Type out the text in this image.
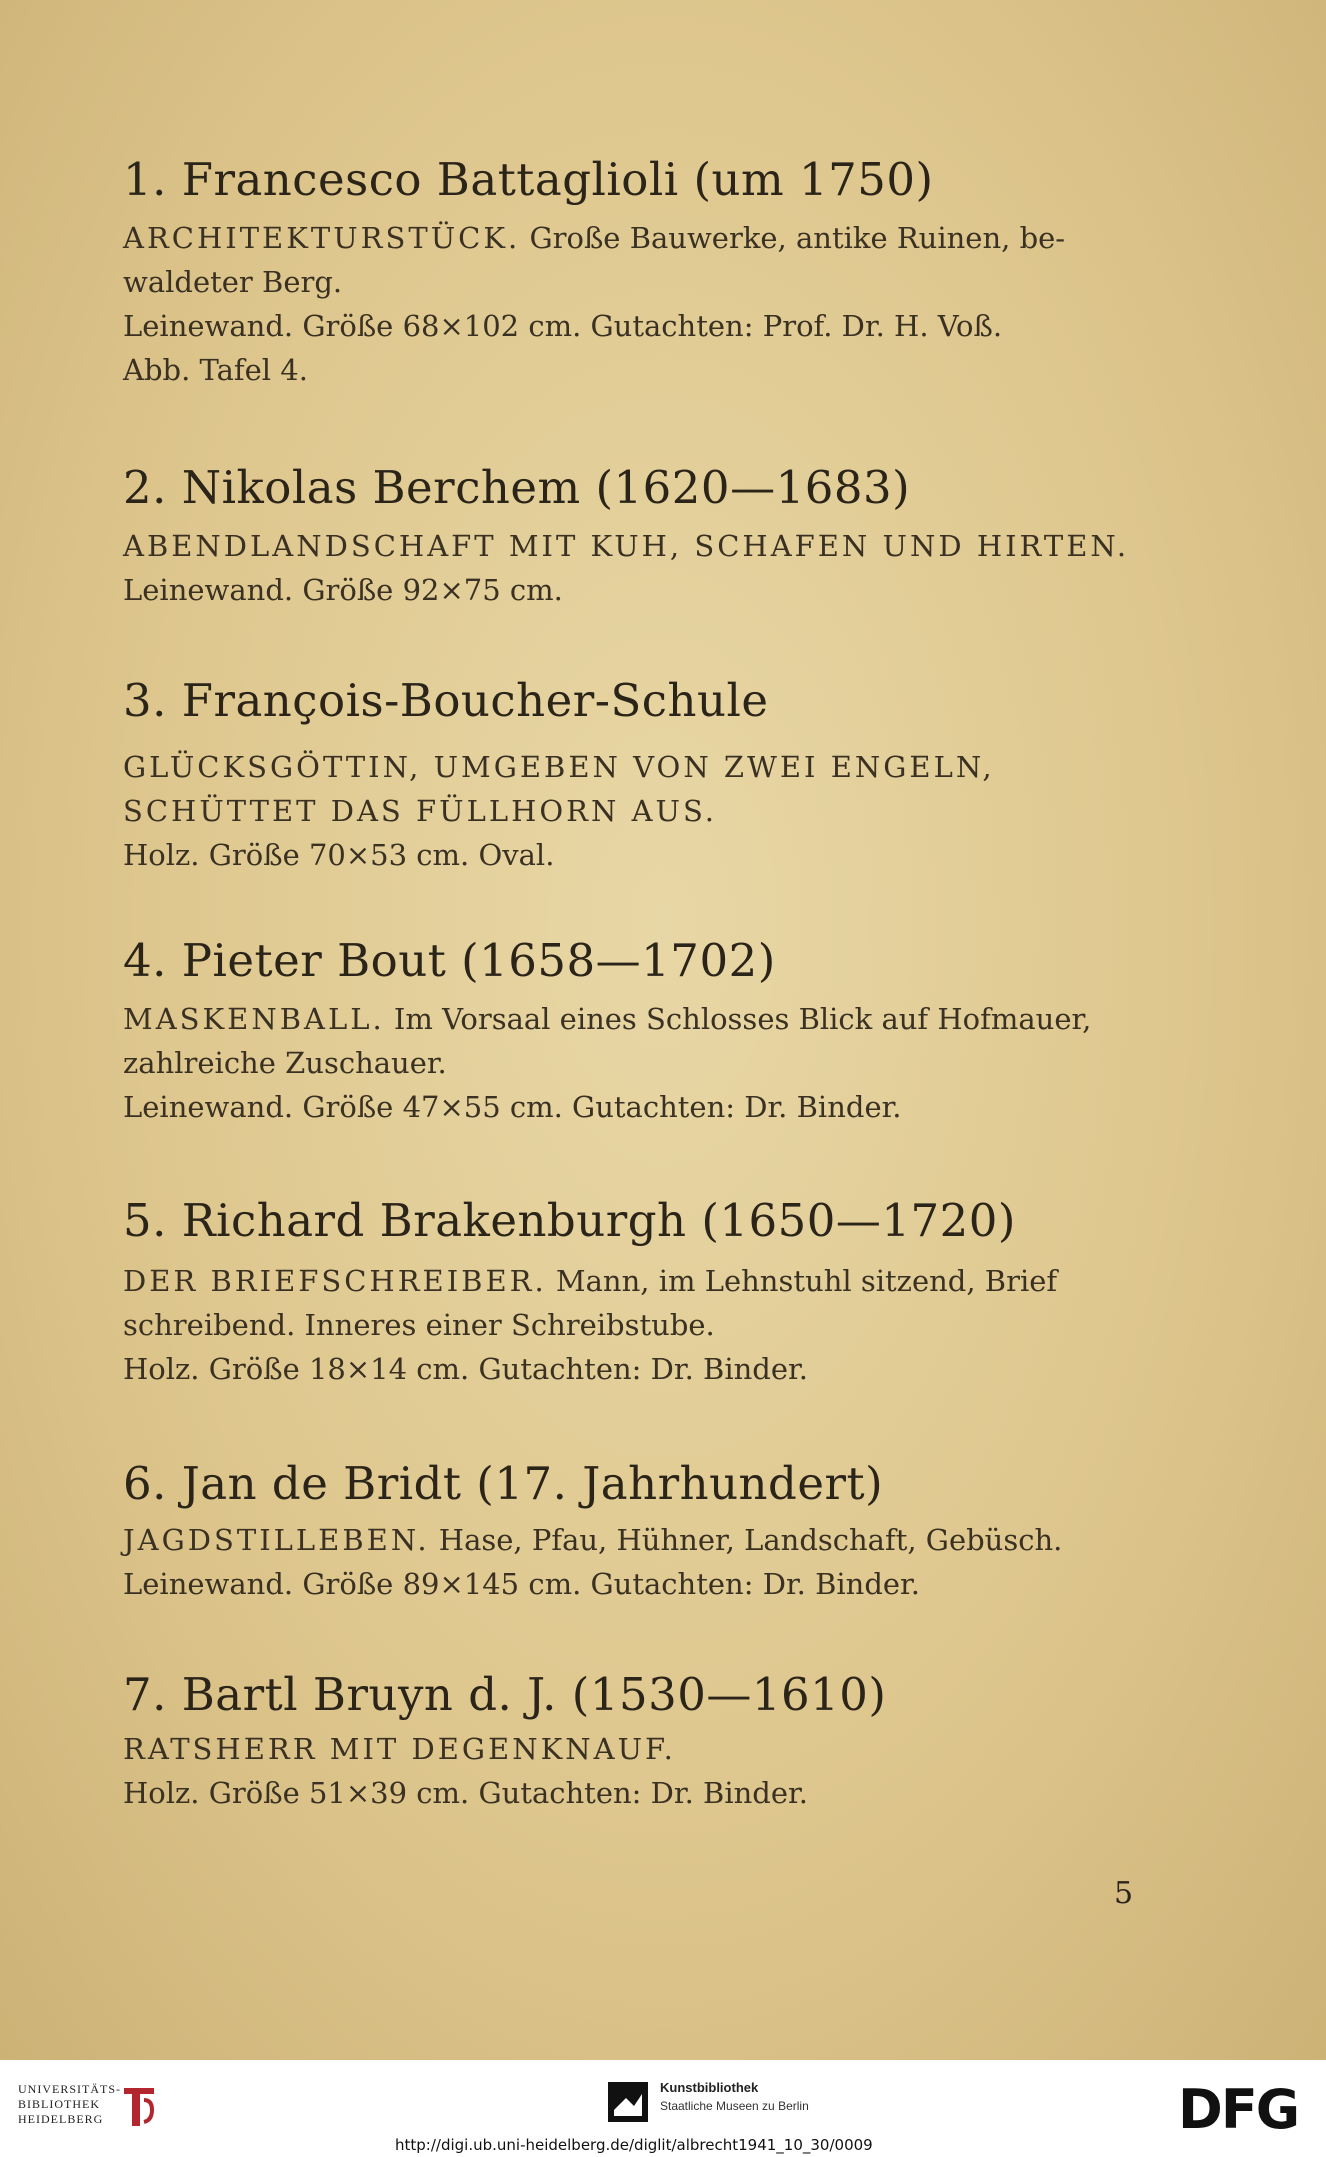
1. Francesco Battaglioli (um 1750)

ARCHITEKTURSTÜCK. Große Bauwerke, antike Ruinen, be-

waldeter Berg.

Leinewand. Größe 68×102 cm. Gutachten: Prof. Dr. H. Voß.

Abb. Tafel 4.

2. Nikolas Berchem (1620—1683)

ABENDLANDSCHAFT MIT KUH, SCHAFEN UND HIRTEN.

Leinewand. Größe 92×75 cm.

3. François-Boucher-Schule

GLÜCKSGÖTTIN, UMGEBEN VON ZWEI ENGELN,

SCHÜTTET DAS FÜLLHORN AUS.

Holz. Größe 70×53 cm. Oval.

4. Pieter Bout (1658—1702)

MASKENBALL. Im Vorsaal eines Schlosses Blick auf Hofmauer,

zahlreiche Zuschauer.

Leinewand. Größe 47×55 cm. Gutachten: Dr. Binder.

5. Richard Brakenburgh (1650—1720)

DER BRIEFSCHREIBER. Mann, im Lehnstuhl sitzend, Brief

schreibend. Inneres einer Schreibstube.

Holz. Größe 18×14 cm. Gutachten: Dr. Binder.

6. Jan de Bridt (17. Jahrhundert)

JAGDSTILLEBEN. Hase, Pfau, Hühner, Landschaft, Gebüsch.

Leinewand. Größe 89×145 cm. Gutachten: Dr. Binder.

7. Bartl Bruyn d. J. (1530—1610)

RATSHERR MIT DEGENKNAUF.

Holz. Größe 51×39 cm. Gutachten: Dr. Binder.

5
UNIVERSITÄTS-
BIBLIOTHEK
HEIDELBERG
Kunstbibliothek
Staatliche Museen zu Berlin	DFG
http://digi.ub.uni-heidelberg.de/diglit/albrecht1941_10_30/0009
